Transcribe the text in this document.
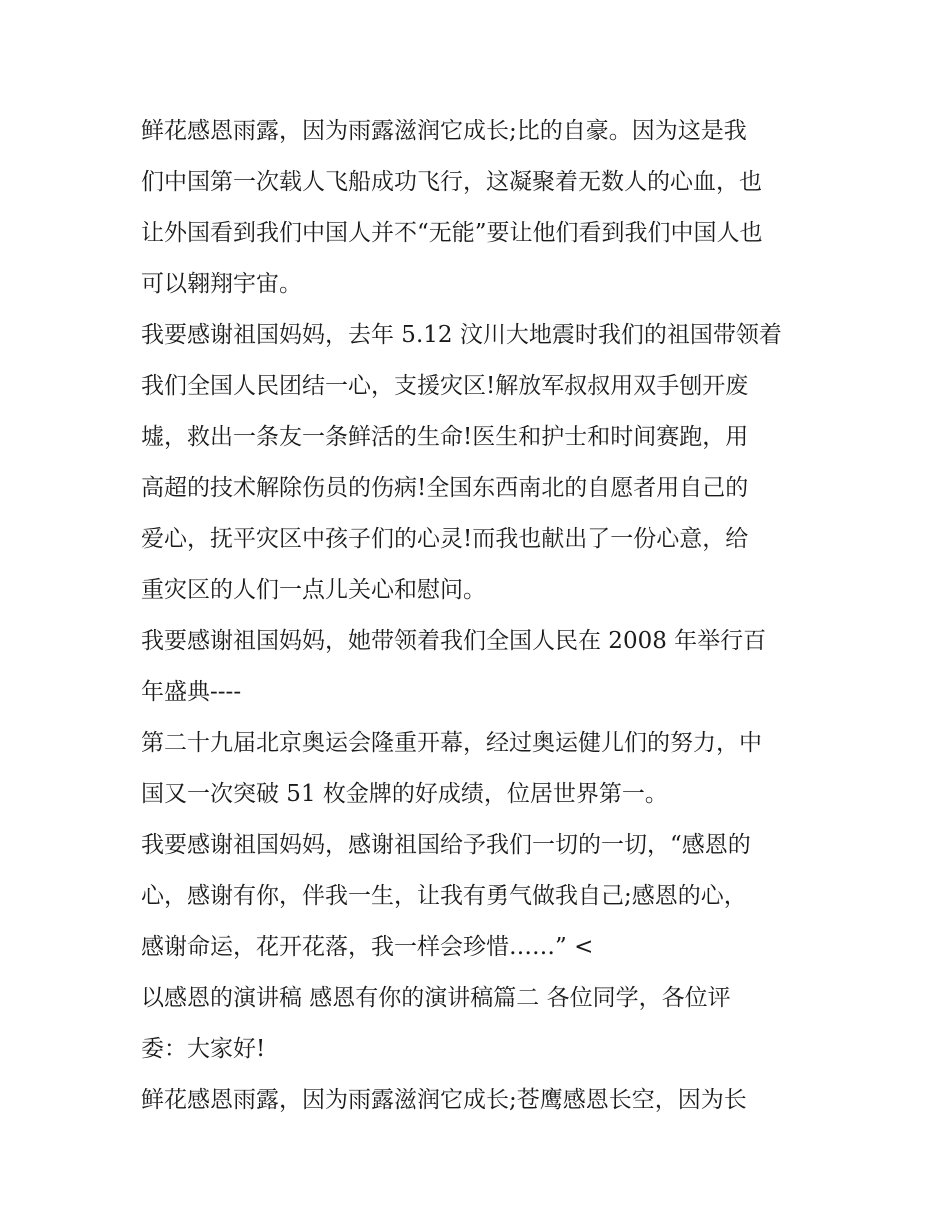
鲜花感恩雨露，因为雨露滋润它成长;比的自豪。因为这是我
们中国第一次载人飞船成功飞行，这凝聚着无数人的心血，也
让外国看到我们中国人并不“无能”要让他们看到我们中国人也
可以翱翔宇宙。
我要感谢祖国妈妈，去年 5.12 汶川大地震时我们的祖国带领着
我们全国人民团结一心，支援灾区!解放军叔叔用双手刨开废
墟，救出一条友一条鲜活的生命!医生和护士和时间赛跑，用
高超的技术解除伤员的伤病!全国东西南北的自愿者用自己的
爱心，抚平灾区中孩子们的心灵!而我也献出了一份心意，给
重灾区的人们一点儿关心和慰问。
我要感谢祖国妈妈，她带领着我们全国人民在 2008 年举行百
年盛典----
第二十九届北京奥运会隆重开幕，经过奥运健儿们的努力，中
国又一次突破 51 枚金牌的好成绩，位居世界第一。
我要感谢祖国妈妈，感谢祖国给予我们一切的一切，“感恩的
心，感谢有你，伴我一生，让我有勇气做我自己;感恩的心，
感谢命运，花开花落，我一样会珍惜……” <
以感恩的演讲稿 感恩有你的演讲稿篇二 各位同学，各位评
委：大家好!
鲜花感恩雨露，因为雨露滋润它成长;苍鹰感恩长空，因为长
